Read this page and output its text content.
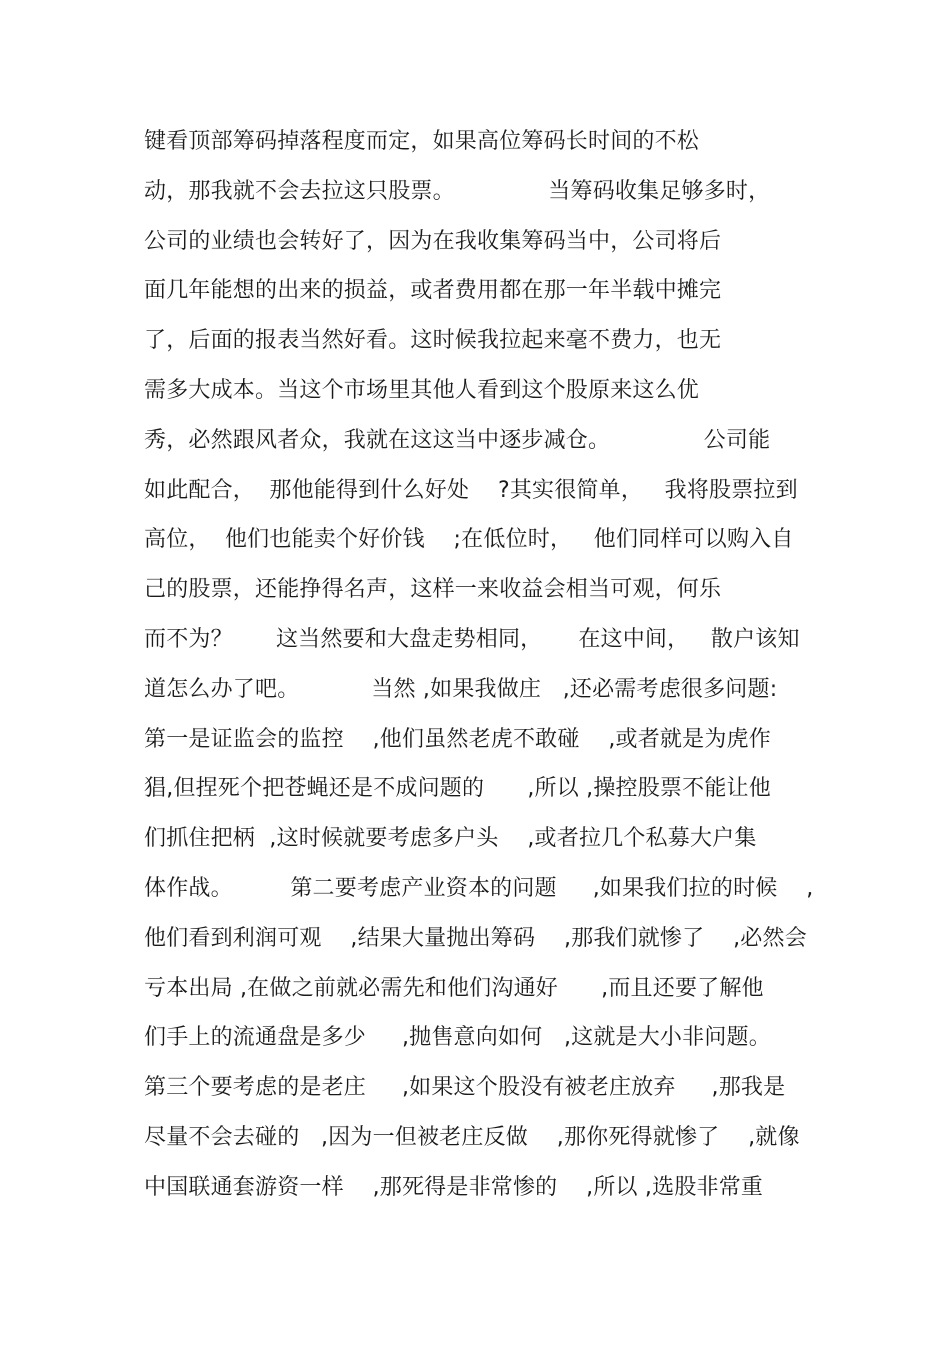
键看顶部筹码掉落程度而定，如果高位筹码长时间的不松
动，那我就不会去拉这只股票。             当筹码收集足够多时，
公司的业绩也会转好了，因为在我收集筹码当中，公司将后
面几年能想的出来的损益，或者费用都在那一年半载中摊完
了，后面的报表当然好看。这时候我拉起来毫不费力，也无
需多大成本。当这个市场里其他人看到这个股原来这么优
秀，必然跟风者众，我就在这这当中逐步减仓。             公司能
如此配合，  那他能得到什么好处    ?其实很简单，   我将股票拉到
高位，  他们也能卖个好价钱    ;在低位时，   他们同样可以购入自
己的股票，还能挣得名声，这样一来收益会相当可观，何乐
而不为？      这当然要和大盘走势相同，     在这中间，   散户该知
道怎么办了吧。          当然 ,如果我做庄   ,还必需考虑很多问题:
第一是证监会的监控    ,他们虽然老虎不敢碰    ,或者就是为虎作
猖,但捏死个把苍蝇还是不成问题的      ,所以 ,操控股票不能让他
们抓住把柄  ,这时候就要考虑多户头    ,或者拉几个私募大户集
体作战。        第二要考虑产业资本的问题     ,如果我们拉的时候    ,
他们看到利润可观    ,结果大量抛出筹码    ,那我们就惨了    ,必然会
亏本出局 ,在做之前就必需先和他们沟通好      ,而且还要了解他
们手上的流通盘是多少     ,抛售意向如何   ,这就是大小非问题。
第三个要考虑的是老庄     ,如果这个股没有被老庄放弃     ,那我是
尽量不会去碰的   ,因为一但被老庄反做    ,那你死得就惨了    ,就像
中国联通套游资一样    ,那死得是非常惨的    ,所以 ,选股非常重
